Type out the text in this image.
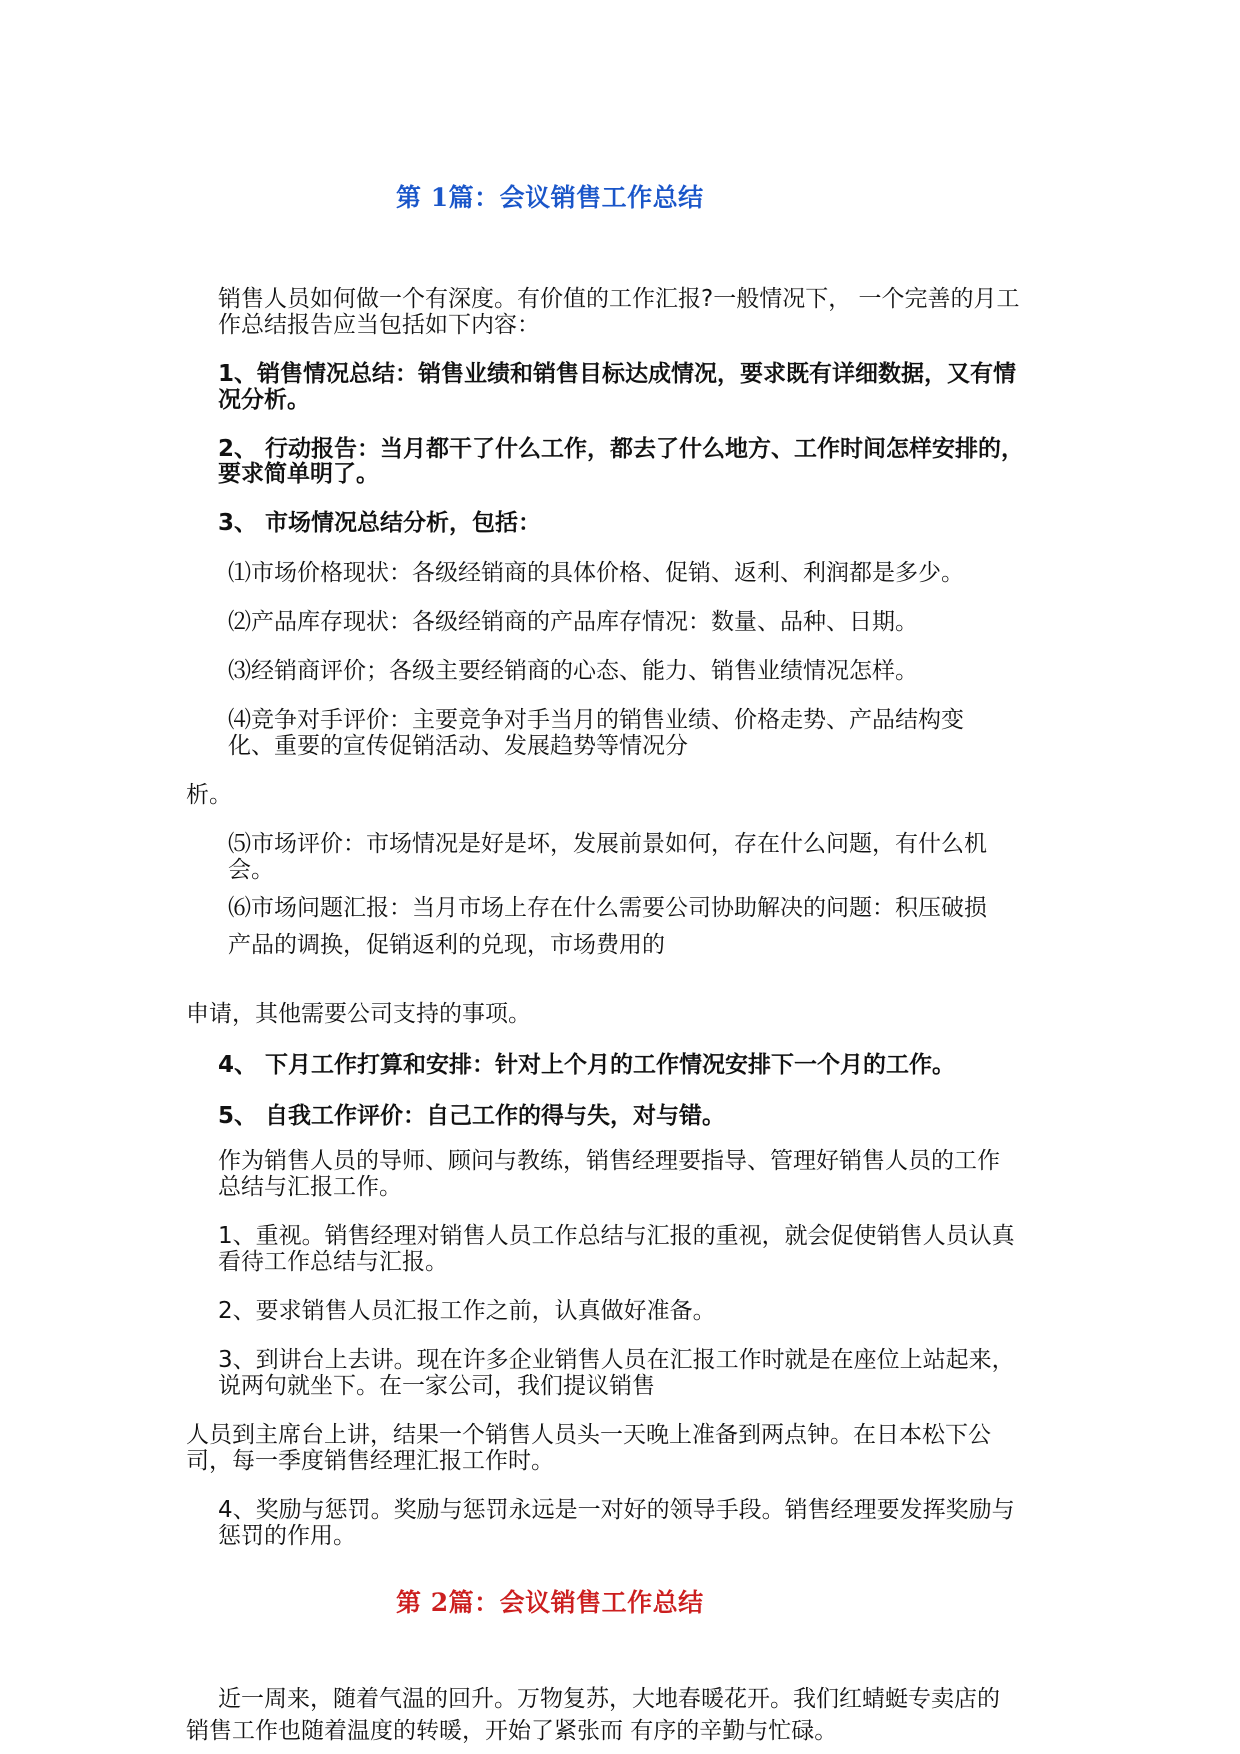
第 1篇：会议销售工作总结
销售人员如何做一个有深度。有价值的工作汇报?一般情况下， 一个完善的月工
作总结报告应当包括如下内容：
1、销售情况总结：销售业绩和销售目标达成情况，要求既有详细数据，又有情
况分析。
2、 行动报告：当月都干了什么工作，都去了什么地方、工作时间怎样安排的，
要求简单明了。
3、 市场情况总结分析，包括：
⑴市场价格现状：各级经销商的具体价格、促销、返利、利润都是多少。
⑵产品库存现状：各级经销商的产品库存情况：数量、品种、日期。
⑶经销商评价；各级主要经销商的心态、能力、销售业绩情况怎样。
⑷竞争对手评价：主要竞争对手当月的销售业绩、价格走势、产品结构变
化、重要的宣传促销活动、发展趋势等情况分
析。
⑸市场评价：市场情况是好是坏，发展前景如何，存在什么问题，有什么机
会。
⑹市场问题汇报：当月市场上存在什么需要公司协助解决的问题：积压破损
产品的调换，促销返利的兑现，市场费用的
申请，其他需要公司支持的事项。
4、 下月工作打算和安排：针对上个月的工作情况安排下一个月的工作。
5、 自我工作评价：自己工作的得与失，对与错。
作为销售人员的导师、顾问与教练，销售经理要指导、管理好销售人员的工作
总结与汇报工作。
1、重视。销售经理对销售人员工作总结与汇报的重视，就会促使销售人员认真
看待工作总结与汇报。
2、要求销售人员汇报工作之前，认真做好准备。
3、到讲台上去讲。现在许多企业销售人员在汇报工作时就是在座位上站起来，
说两句就坐下。在一家公司，我们提议销售
人员到主席台上讲，结果一个销售人员头一天晚上准备到两点钟。在日本松下公
司，每一季度销售经理汇报工作时。
4、奖励与惩罚。奖励与惩罚永远是一对好的领导手段。销售经理要发挥奖励与
惩罚的作用。
第 2篇：会议销售工作总结
近一周来，随着气温的回升。万物复苏，大地春暖花开。我们红蜻蜓专卖店的
销售工作也随着温度的转暖，开始了紧张而 有序的辛勤与忙碌。
